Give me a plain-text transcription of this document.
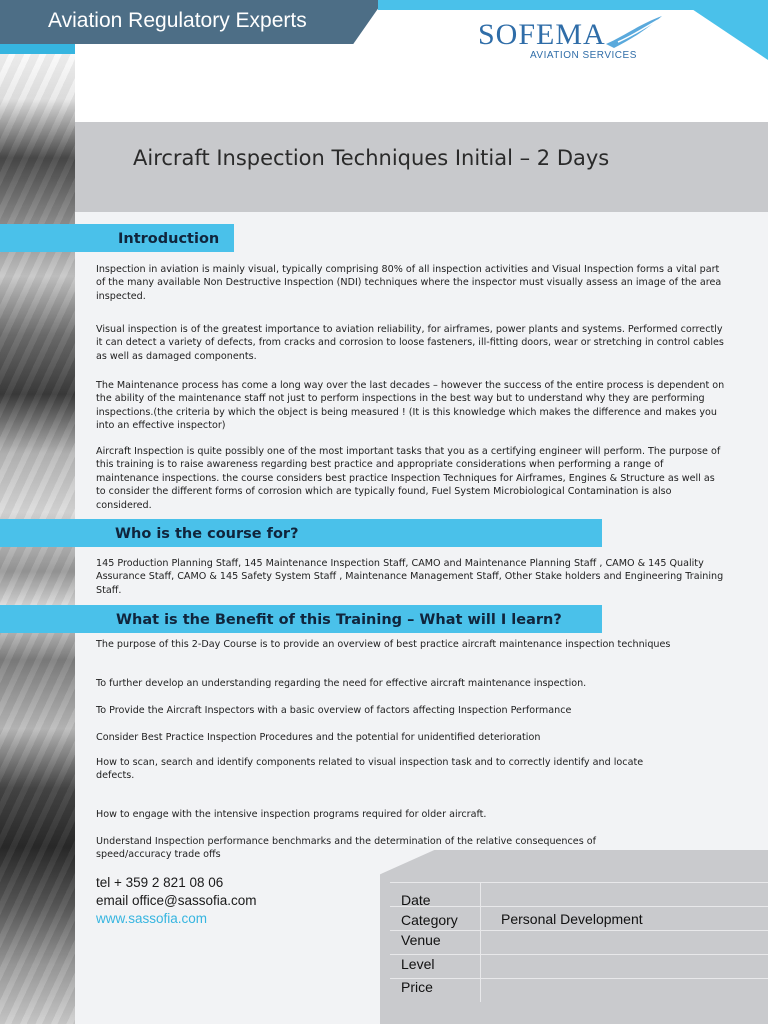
Aviation Regulatory Experts	SOFEMA
AVIATION SERVICES
Aircraft Inspection Techniques Initial – 2 Days
Introduction

Inspection in aviation is mainly visual, typically comprising 80% of all inspection activities and Visual Inspection forms a vital part of the many available Non Destructive Inspection (NDI) techniques where the inspector must visually assess an image of the area inspected.

Visual inspection is of the greatest importance to aviation reliability, for airframes, power plants and systems. Performed correctly it can detect a variety of defects, from cracks and corrosion to loose fasteners, ill-fitting doors, wear or stretching in control cables as well as damaged components.

The Maintenance process has come a long way over the last decades – however the success of the entire process is dependent on the ability of the maintenance staff not just to perform inspections in the best way but to understand why they are performing inspections.(the criteria by which the object is being measured ! (It is this knowledge which makes the difference and makes you into an effective inspector)

Aircraft Inspection is quite possibly one of the most important tasks that you as a certifying engineer will perform. The purpose of this training is to raise awareness regarding best practice and appropriate considerations when performing a range of maintenance inspections. the course considers best practice Inspection Techniques for Airframes, Engines & Structure as well as to consider the different forms of corrosion which are typically found, Fuel System Microbiological Contamination is also considered.

Who is the course for?

145 Production Planning Staff, 145 Maintenance Inspection Staff, CAMO and Maintenance Planning Staff , CAMO & 145 Quality Assurance Staff, CAMO & 145 Safety System Staff , Maintenance Management Staff, Other Stake holders and Engineering Training Staff.

What is the Benefit of this Training – What will I learn?

The purpose of this 2-Day Course is to provide an overview of best practice aircraft maintenance inspection techniques

To further develop an understanding regarding the need for effective aircraft maintenance inspection.

To Provide the Aircraft Inspectors with a basic overview of factors affecting Inspection Performance

Consider Best Practice Inspection Procedures and the potential for unidentified deterioration

How to scan, search and identify components related to visual inspection task and to correctly identify and locate
defects.

How to engage with the intensive inspection programs required for older aircraft.

Understand Inspection performance benchmarks and the determination of the relative consequences of speed/accuracy trade offs

Date
Category	Personal Development
Venue
Level
Price
tel + 359 2 821 08 06
email office@sassofia.com
www.sassofia.com
